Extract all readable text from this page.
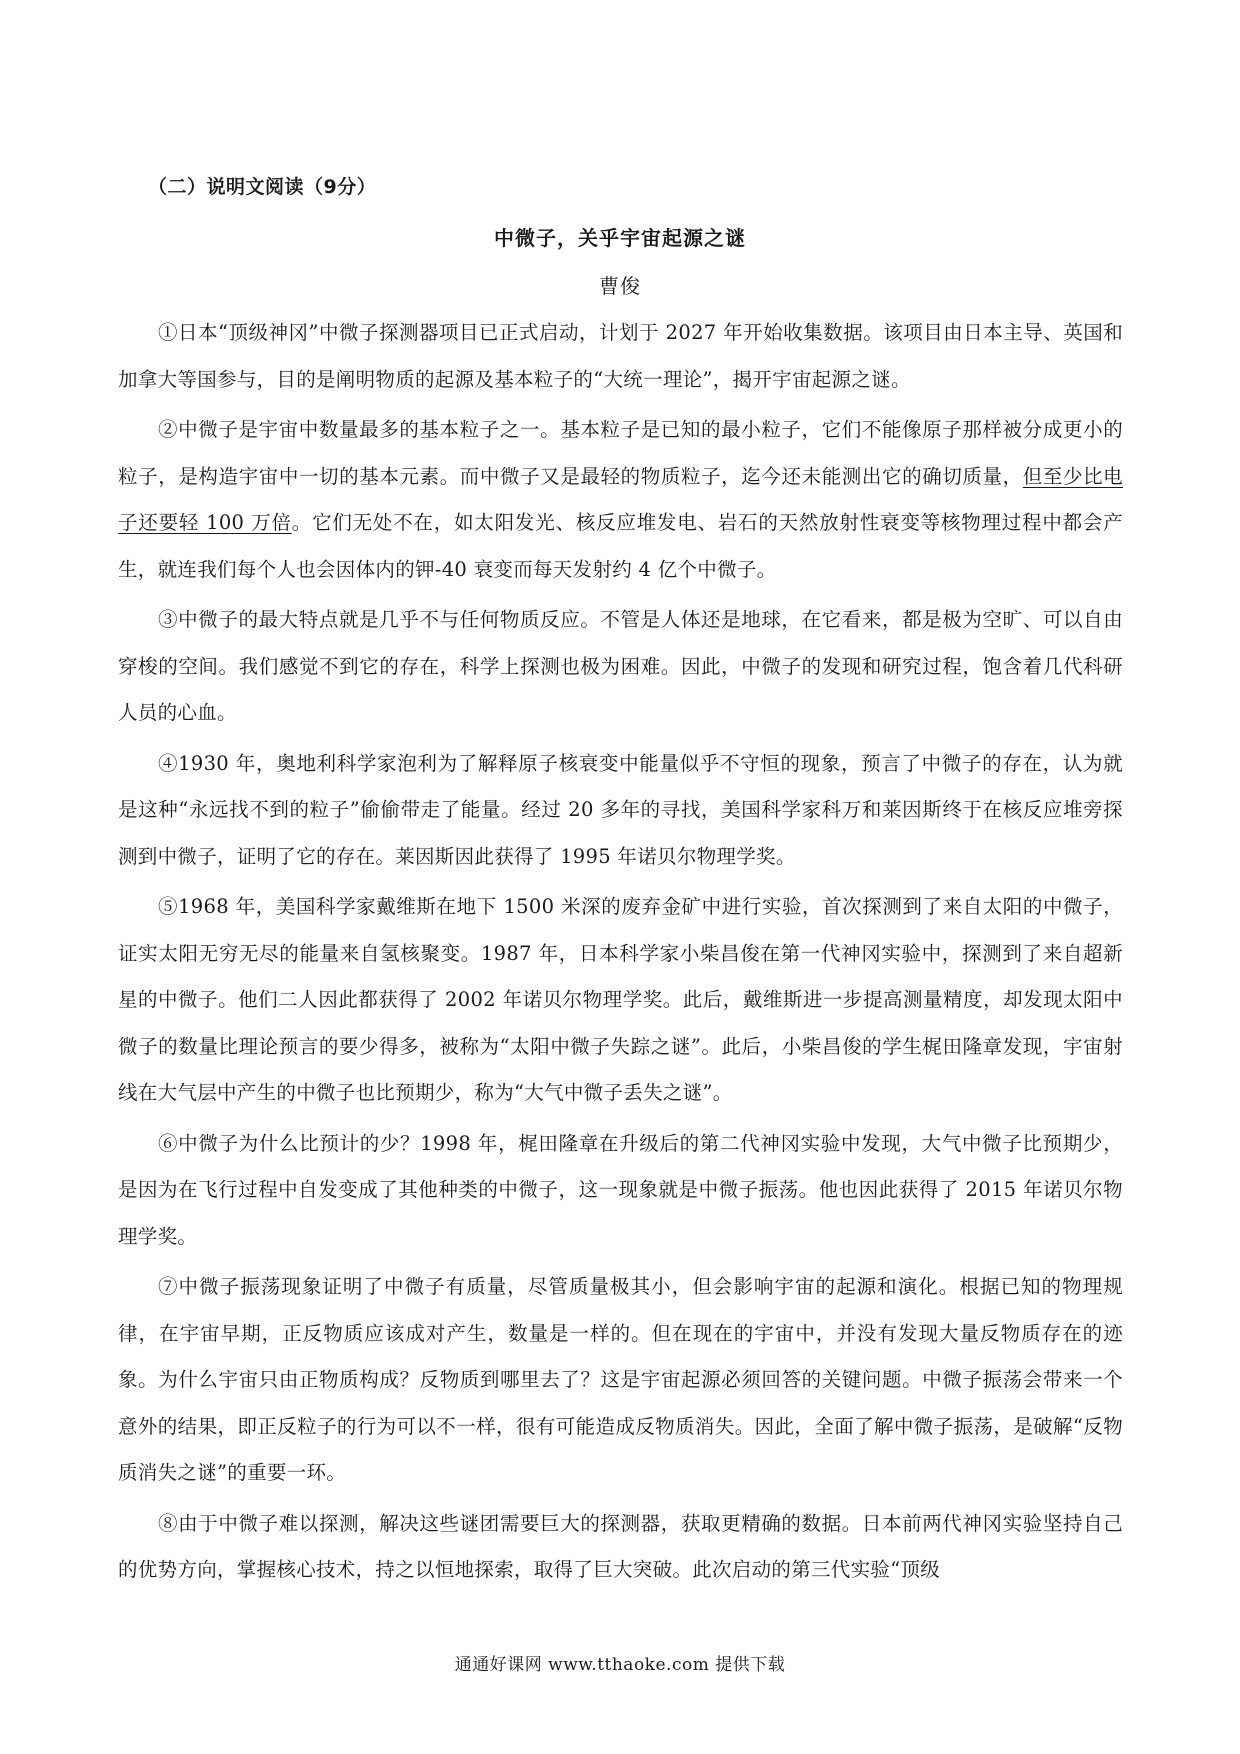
（二）说明文阅读（9分）
中微子，关乎宇宙起源之谜
曹俊

①日本“顶级神冈”中微子探测器项目已正式启动，计划于 2027 年开始收集数据。该项目由日本主导、英国和加拿大等国参与，目的是阐明物质的起源及基本粒子的“大统一理论”，揭开宇宙起源之谜。

②中微子是宇宙中数量最多的基本粒子之一。基本粒子是已知的最小粒子，它们不能像原子那样被分成更小的粒子，是构造宇宙中一切的基本元素。而中微子又是最轻的物质粒子，迄今还未能测出它的确切质量，但至少比电子还要轻 100 万倍。它们无处不在，如太阳发光、核反应堆发电、岩石的天然放射性衰变等核物理过程中都会产生，就连我们每个人也会因体内的钾-40 衰变而每天发射约 4 亿个中微子。

③中微子的最大特点就是几乎不与任何物质反应。不管是人体还是地球，在它看来，都是极为空旷、可以自由穿梭的空间。我们感觉不到它的存在，科学上探测也极为困难。因此，中微子的发现和研究过程，饱含着几代科研人员的心血。

④1930 年，奥地利科学家泡利为了解释原子核衰变中能量似乎不守恒的现象，预言了中微子的存在，认为就是这种“永远找不到的粒子”偷偷带走了能量。经过 20 多年的寻找，美国科学家科万和莱因斯终于在核反应堆旁探测到中微子，证明了它的存在。莱因斯因此获得了 1995 年诺贝尔物理学奖。

⑤1968 年，美国科学家戴维斯在地下 1500 米深的废弃金矿中进行实验，首次探测到了来自太阳的中微子，证实太阳无穷无尽的能量来自氢核聚变。1987 年，日本科学家小柴昌俊在第一代神冈实验中，探测到了来自超新星的中微子。他们二人因此都获得了 2002 年诺贝尔物理学奖。此后，戴维斯进一步提高测量精度，却发现太阳中微子的数量比理论预言的要少得多，被称为“太阳中微子失踪之谜”。此后，小柴昌俊的学生梶田隆章发现，宇宙射线在大气层中产生的中微子也比预期少，称为“大气中微子丢失之谜”。

⑥中微子为什么比预计的少？1998 年，梶田隆章在升级后的第二代神冈实验中发现，大气中微子比预期少，是因为在飞行过程中自发变成了其他种类的中微子，这一现象就是中微子振荡。他也因此获得了 2015 年诺贝尔物理学奖。

⑦中微子振荡现象证明了中微子有质量，尽管质量极其小，但会影响宇宙的起源和演化。根据已知的物理规律，在宇宙早期，正反物质应该成对产生，数量是一样的。但在现在的宇宙中，并没有发现大量反物质存在的迹象。为什么宇宙只由正物质构成？反物质到哪里去了？这是宇宙起源必须回答的关键问题。中微子振荡会带来一个意外的结果，即正反粒子的行为可以不一样，很有可能造成反物质消失。因此，全面了解中微子振荡，是破解“反物质消失之谜”的重要一环。

⑧由于中微子难以探测，解决这些谜团需要巨大的探测器，获取更精确的数据。日本前两代神冈实验坚持自己的优势方向，掌握核心技术，持之以恒地探索，取得了巨大突破。此次启动的第三代实验“顶级

通通好课网 www.tthaoke.com 提供下载
